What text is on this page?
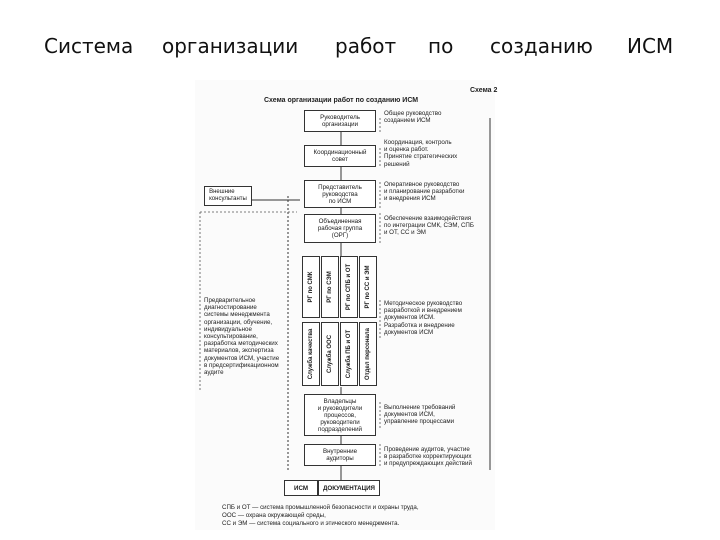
Система организации работ по созданию ИСМ
Схема 2
Схема организации работ по созданию ИСМ
Руководитель
организации
Координационный
совет
Представитель
руководства
по ИСМ
Объединенная
рабочая группа
(ОРГ)
РГ по СМК РГ по СЭМ РГ по СПБ и ОТ РГ по СС и ЭМ
Служба качества Служба ООС Служба ПБ и ОТ Отдел персонала
Владельцы
и руководители
процессов,
руководители
подразделений
Внутренние
аудиторы
ИСМ	ДОКУМЕНТАЦИЯ
Общее руководство
созданием ИСМ
Координация, контроль
и оценка работ.
Принятие стратегических
решений
Оперативное руководство
и планирование разработки
и внедрения ИСМ
Обеспечение взаимодействия
по интеграции СМК, СЭМ, СПБ
и ОТ, СС и ЭМ
Методическое руководство
разработкой и внедрением
документов ИСМ.
Разработка и внедрение
документов ИСМ
Выполнение требований
документов ИСМ,
управление процессами
Проведение аудитов, участие
в разработке корректирующих
и предупреждающих действий
Внешние
консультанты
Предварительное
диагностирование
системы менеджмента
организации, обучение,
индивидуальное
консультирование,
разработка методических
материалов, экспертиза
документов ИСМ, участие
в предсертификационном
аудите
СПБ и ОТ — система промышленной безопасности и охраны труда,
ООС — охрана окружающей среды,
СС и ЭМ — система социального и этического менеджмента.
